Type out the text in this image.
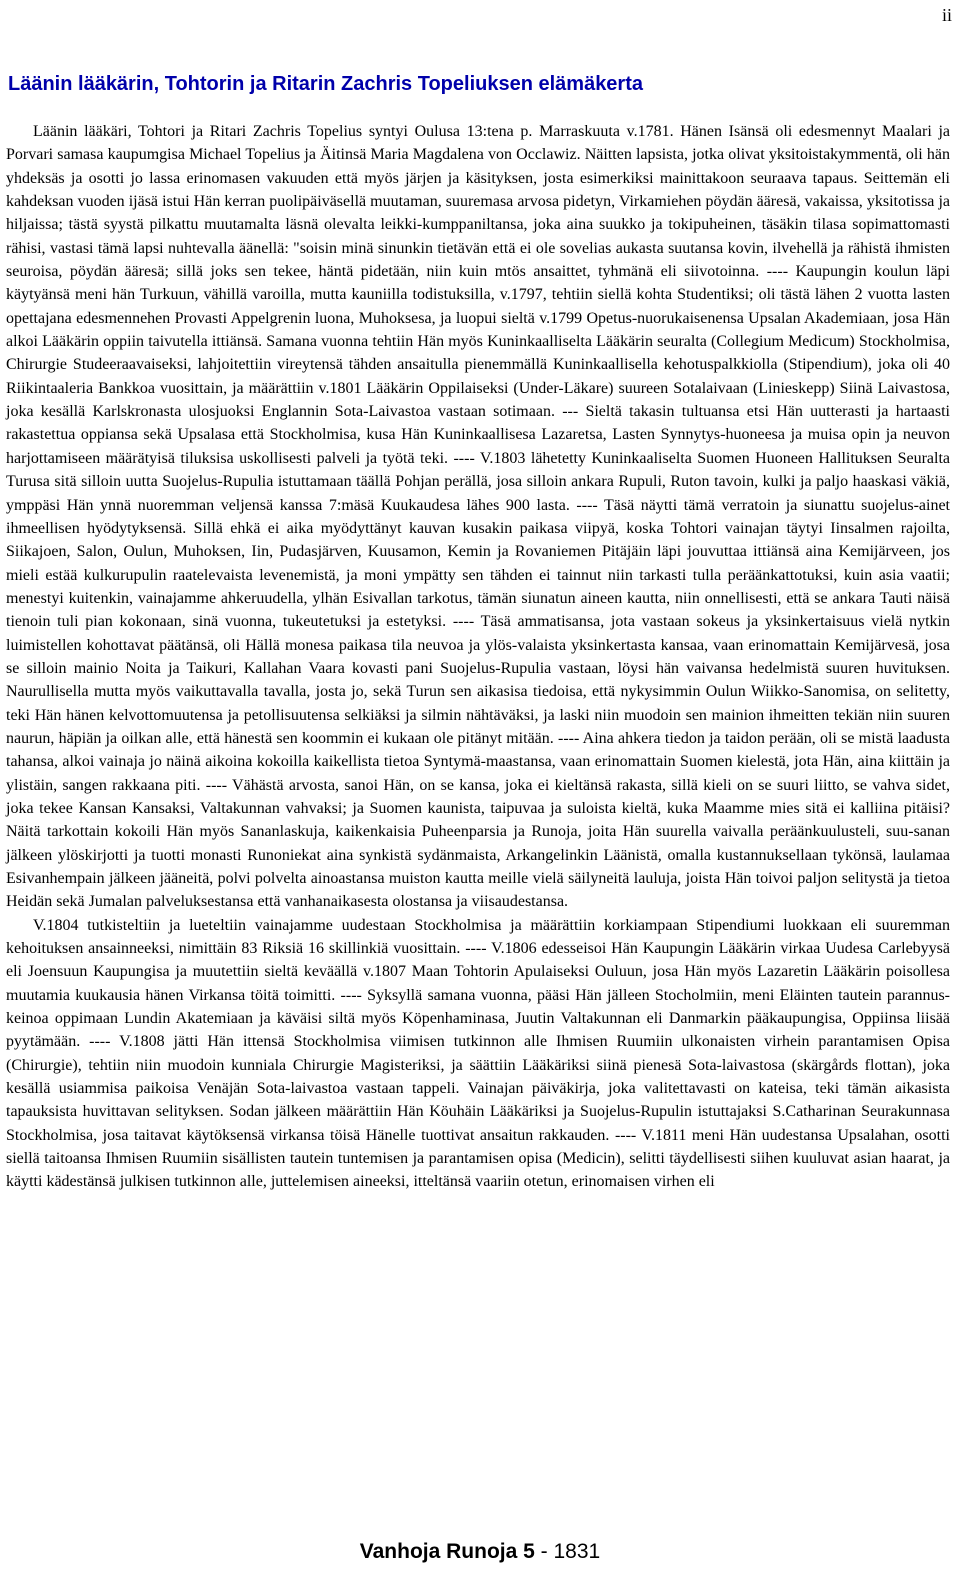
ii
Läänin lääkärin, Tohtorin ja Ritarin Zachris Topeliuksen elämäkerta

Läänin lääkäri, Tohtori ja Ritari Zachris Topelius syntyi Oulusa 13:tena p. Marraskuuta v.1781. Hänen Isänsä oli edesmennyt Maalari ja Porvari samasa kaupumgisa Michael Topelius ja Äitinsä Maria Magdalena von Occlawiz. Näitten lapsista, jotka olivat yksitoistakymmentä, oli hän yhdeksäs ja osotti jo lassa erinomasen vakuuden että myös järjen ja käsityksen, josta esimerkiksi mainittakoon seuraava tapaus. Seittemän eli kahdeksan vuoden ijäsä istui Hän kerran puolipäiväsellä muutaman, suuremasa arvosa pidetyn, Virkamiehen pöydän ääresä, vakaissa, yksitotissa ja hiljaissa; tästä syystä pilkattu muutamalta läsnä olevalta leikki-kumppaniltansa, joka aina suukko ja tokipuheinen, täsäkin tilasa sopimattomasti rähisi, vastasi tämä lapsi nuhtevalla äänellä: "soisin minä sinunkin tietävän että ei ole sovelias aukasta suutansa kovin, ilvehellä ja rähistä ihmisten seuroisa, pöydän ääresä; sillä joks sen tekee, häntä pidetään, niin kuin mtös ansaittet, tyhmänä eli siivotoinna. ---- Kaupungin koulun läpi käytyänsä meni hän Turkuun, vähillä varoilla, mutta kauniilla todistuksilla, v.1797, tehtiin siellä kohta Studentiksi; oli tästä lähen 2 vuotta lasten opettajana edesmennehen Provasti Appelgrenin luona, Muhoksesa, ja luopui sieltä v.1799 Opetus-nuorukaisenensa Upsalan Akademiaan, josa Hän alkoi Lääkärin oppiin taivutella ittiänsä. Samana vuonna tehtiin Hän myös Kuninkaalliselta Lääkärin seuralta (Collegium Medicum) Stockholmisa, Chirurgie Studeeraavaiseksi, lahjoitettiin vireytensä tähden ansaitulla pienemmällä Kuninkaallisella kehotuspalkkiolla (Stipendium), joka oli 40 Riikintaaleria Bankkoa vuosittain, ja määrättiin v.1801 Lääkärin Oppilaiseksi (Under-Läkare) suureen Sotalaivaan (Linieskepp) Siinä Laivastosa, joka kesällä Karlskronasta ulosjuoksi Englannin Sota-Laivastoa vastaan sotimaan. --- Sieltä takasin tultuansa etsi Hän uutterasti ja hartaasti rakastettua oppiansa sekä Upsalasa että Stockholmisa, kusa Hän Kuninkaallisesa Lazaretsa, Lasten Synnytys-huoneesa ja muisa opin ja neuvon harjottamiseen määrätyisä tiluksisa uskollisesti palveli ja työtä teki. ---- V.1803 lähetetty Kuninkaaliselta Suomen Huoneen Hallituksen Seuralta Turusa sitä silloin uutta Suojelus-Rupulia istuttamaan täällä Pohjan perällä, josa silloin ankara Rupuli, Ruton tavoin, kulki ja paljo haaskasi väkiä, ymppäsi Hän ynnä nuoremman veljensä kanssa 7:mäsä Kuukaudesa lähes 900 lasta. ---- Täsä näytti tämä verratoin ja siunattu suojelus-ainet ihmeellisen hyödytyksensä. Sillä ehkä ei aika myödyttänyt kauvan kusakin paikasa viipyä, koska Tohtori vainajan täytyi Iinsalmen rajoilta, Siikajoen, Salon, Oulun, Muhoksen, Iin, Pudasjärven, Kuusamon, Kemin ja Rovaniemen Pitäjäin läpi jouvuttaa ittiänsä aina Kemijärveen, jos mieli estää kulkurupulin raatelevaista levenemistä, ja moni ympätty sen tähden ei tainnut niin tarkasti tulla peräänkattotuksi, kuin asia vaatii; menestyi kuitenkin, vainajamme ahkeruudella, ylhän Esivallan tarkotus, tämän siunatun aineen kautta, niin onnellisesti, että se ankara Tauti näisä tienoin tuli pian kokonaan, sinä vuonna, tukeutetuksi ja estetyksi. ---- Täsä ammatisansa, jota vastaan sokeus ja yksinkertaisuus vielä nytkin luimistellen kohottavat päätänsä, oli Hällä monesa paikasa tila neuvoa ja ylös-valaista yksinkertasta kansaa, vaan erinomattain Kemijärvesä, josa se silloin mainio Noita ja Taikuri, Kallahan Vaara kovasti pani Suojelus-Rupulia vastaan, löysi hän vaivansa hedelmistä suuren huvituksen. Naurullisella mutta myös vaikuttavalla tavalla, josta jo, sekä Turun sen aikasisa tiedoisa, että nykysimmin Oulun Wiikko-Sanomisa, on selitetty, teki Hän hänen kelvottomuutensa ja petollisuutensa selkiäksi ja silmin nähtäväksi, ja laski niin muodoin sen mainion ihmeitten tekiän niin suuren naurun, häpiän ja oilkan alle, että hänestä sen koommin ei kukaan ole pitänyt mitään. ---- Aina ahkera tiedon ja taidon perään, oli se mistä laadusta tahansa, alkoi vainaja jo näinä aikoina kokoilla kaikellista tietoa Syntymä-maastansa, vaan erinomattain Suomen kielestä, jota Hän, aina kiittäin ja ylistäin, sangen rakkaana piti. ---- Vähästä arvosta, sanoi Hän, on se kansa, joka ei kieltänsä rakasta, sillä kieli on se suuri liitto, se vahva sidet, joka tekee Kansan Kansaksi, Valtakunnan vahvaksi; ja Suomen kaunista, taipuvaa ja suloista kieltä, kuka Maamme mies sitä ei kalliina pitäisi? Näitä tarkottain kokoili Hän myös Sananlaskuja, kaikenkaisia Puheenparsia ja Runoja, joita Hän suurella vaivalla peräänkuulusteli, suu-sanan jälkeen ylöskirjotti ja tuotti monasti Runoniekat aina synkistä sydänmaista, Arkangelinkin Läänistä, omalla kustannuksellaan tykönsä, laulamaa Esivanhempain jälkeen jääneitä, polvi polvelta ainoastansa muiston kautta meille vielä säilyneitä lauluja, joista Hän toivoi paljon selitystä ja tietoa Heidän sekä Jumalan palveluksestansa että vanhanaikasesta olostansa ja viisaudestansa.

V.1804 tutkisteltiin ja lueteltiin vainajamme uudestaan Stockholmisa ja määrättiin korkiampaan Stipendiumi luokkaan eli suuremman kehoituksen ansainneeksi, nimittäin 83 Riksiä 16 skillinkiä vuosittain. ---- V.1806 edesseisoi Hän Kaupungin Lääkärin virkaa Uudesa Carlebyysä eli Joensuun Kaupungisa ja muutettiin sieltä keväällä v.1807 Maan Tohtorin Apulaiseksi Ouluun, josa Hän myös Lazaretin Lääkärin poisollesa muutamia kuukausia hänen Virkansa töitä toimitti. ---- Syksyllä samana vuonna, pääsi Hän jälleen Stocholmiin, meni Eläinten tautein parannus-keinoa oppimaan Lundin Akatemiaan ja käväisi siltä myös Köpenhaminasa, Juutin Valtakunnan eli Danmarkin pääkaupungisa, Oppiinsa liisää pyytämään. ---- V.1808 jätti Hän ittensä Stockholmisa viimisen tutkinnon alle Ihmisen Ruumiin ulkonaisten virhein parantamisen Opisa (Chirurgie), tehtiin niin muodoin kunniala Chirurgie Magisteriksi, ja säättiin Lääkäriksi siinä pienesä Sota-laivastosa (skärgårds flottan), joka kesällä usiammisa paikoisa Venäjän Sota-laivastoa vastaan tappeli. Vainajan päiväkirja, joka valitettavasti on kateisa, teki tämän aikasista tapauksista huvittavan selityksen. Sodan jälkeen määrättiin Hän Köuhäin Lääkäriksi ja Suojelus-Rupulin istuttajaksi S.Catharinan Seurakunnasa Stockholmisa, josa taitavat käytöksensä virkansa töisä Hänelle tuottivat ansaitun rakkauden. ---- V.1811 meni Hän uudestansa Upsalahan, osotti siellä taitoansa Ihmisen Ruumiin sisällisten tautein tuntemisen ja parantamisen opisa (Medicin), selitti täydellisesti siihen kuuluvat asian haarat, ja käytti kädestänsä julkisen tutkinnon alle, juttelemisen aineeksi, itteltänsä vaariin otetun, erinomaisen virhen eli

Vanhoja Runoja 5 - 1831
